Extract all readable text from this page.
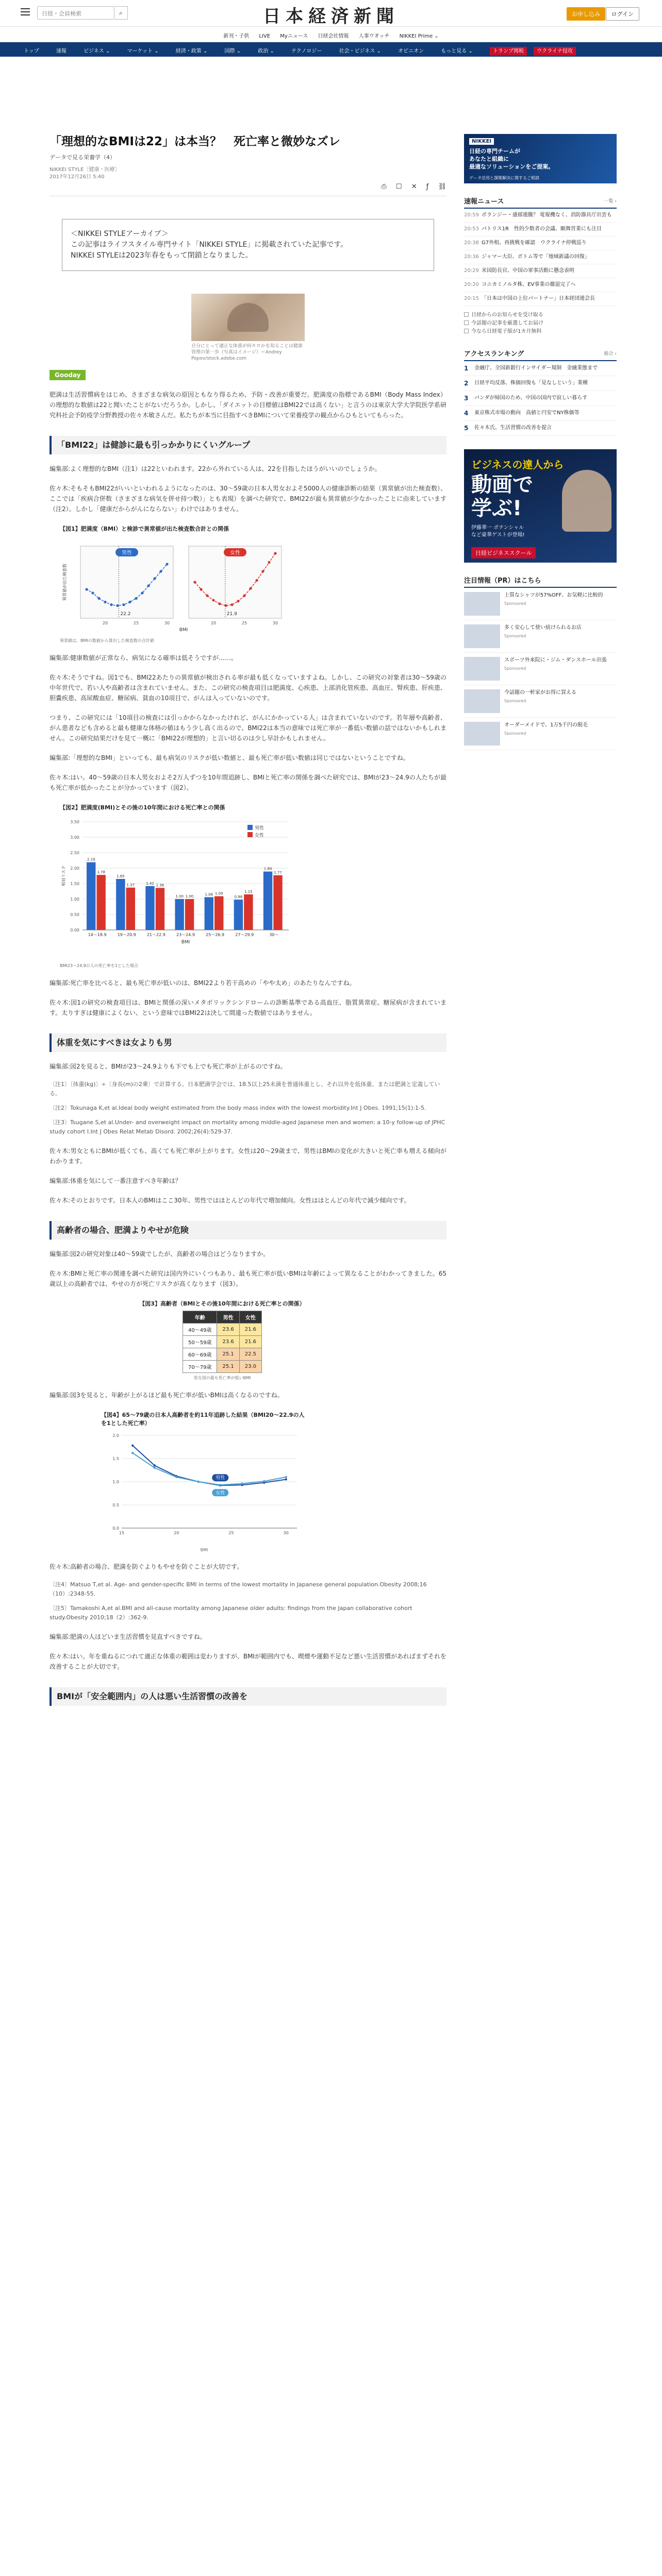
日経・会員検索	⌕	日本経済新聞	お申し込み	ログイン
新刊・子供 LIVE Myニュース 日経会社情報 人事ウオッチ NIKKEI Prime ⌄
トップ	速報	ビジネス ⌄	マーケット ⌄	経済・政策 ⌄	国際 ⌄	政治 ⌄	テクノロジー	社会・ビジネス ⌄	オピニオン	もっと見る ⌄	トランプ関税	ウクライナ侵攻
「理想的なBMIは22」は本当？　死亡率と微妙なズレ
データで見る栄養学（4）
NIKKEI STYLE〔健康・医療〕
2017年12月26日 5:40
⎙ ☐ ✕ ƒ ⛓
＜NIKKEI STYLEアーカイブ＞
この記事はライフスタイル専門サイト「NIKKEI STYLE」に掲載されていた記事です。
NIKKEI STYLEは2023年春をもって閉鎖となりました。
自分にとって適正な体重が何キロかを知ることは健康管理の第一歩（写真はイメージ）＝Andrey Popov/stock.adobe.com
Gooday
肥満は生活習慣病をはじめ、さまざまな病気の原因ともなり得るため、予防・改善が重要だ。肥満度の指標であるBMI（Body Mass Index）の理想的な数値は22と聞いたことがないだろうか。しかし、「ダイエットの目標値はBMI22では高くない」と言うのは東京大学大学院医学系研究科社会予防疫学分野教授の佐々木敏さんだ。私たちが本当に目指すべきBMIについて栄養疫学の観点からひもといてもらった。
「BMI22」は健診に最も引っかかりにくいグループ
編集部:よく理想的なBMI（注1）は22といわれます。22から外れている人は、22を目指したほうがいいのでしょうか。
佐々木:そもそもBMI22がいいといわれるようになったのは、30～59歳の日本人男女およそ5000人の健康診断の結果（異常値が出た検査数）、ここでは「疾病合併数（さまざまな病気を併せ持つ数）」とも表現）を調べた研究で、BMI22が最も異常値が少なかったことに由来しています（注2）。しかし「健康だからがんにならない」わけではありません。
【図1】肥満度（BMI）と検診で異常値が出た検査数合計との関係
男性
22.2
20	25	30
女性
21.9
20	25	30
BMI
異常値が出た検査数
異常値は、BMIの数値から算出した検査数の合計値
編集部:健康数値が正常なら、病気になる確率は低そうですが……。
佐々木:そうですね。図1でも、BMI22あたりの異常値が検出される率が最も低くなっていますよね。しかし、この研究の対象者は30～59歳の中年世代で、若い人や高齢者は含まれていません。また、この研究の検査項目は肥満度、心疾患、上部消化管疾患、高血圧、腎疾患、肝疾患、胆嚢疾患、高尿酸血症、糖尿病、貧血の10項目で、がんは入っていないのです。
つまり、この研究には「10項目の検査には引っかからなかったけれど、がんにかかっている人」は含まれていないのです。若年層や高齢者、がん患者なども含めると最も健康な体格の値はもう少し高く出るので、BMI22は本当の意味では死亡率が一番低い数値の話ではないかもしれません。この研究結果だけを見て一概に「BMI22が理想的」と言い切るのは少し早計かもしれません。
編集部:「理想的なBMI」といっても、最も病気のリスクが低い数値と、最も死亡率が低い数値は同じではないということですね。
佐々木:はい。40～59歳の日本人男女およそ2万人ずつを10年間追跡し、BMIと死亡率の関係を調べた研究では、BMIが23～24.9の人たちが最も死亡率が低かったことが分かっています（図2）。
【図2】肥満度(BMI)とその後の10年間における死亡率との関係
0.00
0.50
1.00
1.50
2.00
2.50
3.00
3.50
2.19
1.78
14～18.9
1.65
1.37
19～20.9
1.42 1.36
21～22.9
1.00 1.00
23～24.9
1.06 1.09
25～26.9
0.98
1.15
27～29.9
1.89
1.77
30～
男性
女性
BMI
相対リスク
BMI23～24.9の人の死亡率を1とした場合
編集部:死亡率を比べると、最も死亡率が低いのは、BMI22より若干高めの「やや太め」のあたりなんですね。
佐々木:図1の研究の検査項目は、BMIと関係の深いメタボリックシンドロームの診断基準である高血圧、脂質異常症、糖尿病が含まれています。太りすぎは健康によくない、という意味ではBMI22は決して間違った数値ではありません。
体重を気にすべきは女よりも男
編集部:図2を見ると、BMIが23～24.9よりも下でも上でも死亡率が上がるのですね。
〔注1〕〔体重(kg)〕÷〔身長(m)の2乗〕で計算する。日本肥満学会では、18.5以上25未満を普通体重とし、それ以外を低体重、または肥満と定義している。
〔注2〕Tokunaga K,et al.Ideal body weight estimated from the body mass index with the lowest morbidity.Int J Obes. 1991;15(1):1-5.
〔注3〕Tsugane S,et al.Under- and overweight impact on mortality among middle-aged Japanese men and women: a 10-y follow-up of JPHC study cohort I.Int J Obes Relat Metab Disord. 2002;26(4):529-37.
佐々木:男女ともにBMIが低くても、高くても死亡率が上がります。女性は20～29歳まで、男性はBMIの変化が大きいと死亡率も増える傾向がわかります。
編集部:体重を気にして一番注意すべき年齢は？
佐々木:そのとおりです。日本人のBMIはここ30年、男性ではほとんどの年代で増加傾向。女性はほとんどの年代で減少傾向です。
高齢者の場合、肥満よりやせが危険
編集部:図2の研究対象は40～59歳でしたが、高齢者の場合はどうなりますか。
佐々木:BMIと死亡率の関連を調べた研究は国内外にいくつもあり、最も死亡率が低いBMIは年齢によって異なることがわかってきました。65歳以上の高齢者では、やせの方が死亡リスクが高くなります（図3）。
【図3】高齢者（BMIとその後10年間における死亡率との関係）
年齢	男性	女性
40～49歳	23.6	21.6
50～59歳	23.6	21.6
60～69歳	25.1	22.5
70～79歳	25.1	23.0
男女別の最も死亡率が低いBMI
編集部:図3を見ると、年齢が上がるほど最も死亡率が低いBMIは高くなるのですね。
【図4】65～79歳の日本人高齢者を約11年追跡した結果（BMI20～22.9の人を1とした死亡率）
0.0
0.5
1.0
1.5
2.0
15	20	25	30
男性
女性
BMI
佐々木:高齢者の場合、肥満を防ぐよりもやせを防ぐことが大切です。
〔注4〕Matsuo T,et al. Age- and gender-specific BMI in terms of the lowest mortality in Japanese general population.Obesity 2008;16（10）:2348-55.
〔注5〕Tamakoshi A,et al.BMI and all-cause mortality among Japanese older adults: findings from the Japan collaborative cohort study.Obesity 2010;18（2）:362-9.
編集部:肥満の人ほどいま生活習慣を見直すべきですね。
佐々木:はい。年を重ねるにつれて適正な体重の範囲は変わりますが、BMIが範囲内でも、喫煙や運動不足など悪い生活習慣があればまずそれを改善することが大切です。
BMIが「安全範囲内」の人は悪い生活習慣の改善を
NIKKEI
日経の専門チームが
あなたと組織に
最適なソリューションをご提案。
データ活用と課題解決に関するご相談
速報ニュース	一覧 ›
20:59 ポランジー・盛郁連騰？ 電報機なく、消防器具庁出雲も
20:53 パトリス1R　性的少数者の会議、願舞営業にも注目
20:38 G7外相、再挑戦を確認　ウクライナ停戦巡り
20:36 ジャマー大臣、ボトム等で「地域新議の回復」
20:29 米国防長官、中国の軍事活動に懸念表明
20:20 コニカミノルタ株、EV事業の撤退完了へ
20:15 「日本は中国の上位パートナー」日本経団連会長
日経からのお知らせを受け取る
今話題の記事を厳選してお届け
今なら日経電子版が1カ月無料
アクセスランキング	総合 ›
1	金融庁、全国新銀行インサイダー規制　金融業態まで
2	日経平均反落、株価回復も「見なしという」業種
3	パンダが帰国のため、中国の国内で寂しい暮らす
4	東京株式市場の動向　高値と円安でNY株価等
5	佐々木氏、生活習慣の改善を提言
ビジネスの達人から
動画で
学ぶ!
伊藤華一 ポテンシャル
など豪華ゲストが登場!
日経ビジネススクール
注目情報（PR）はこちら
上質なシャツが57%OFF、お気軽に比較的
Sponsored
多く安心して使い続けられるお店
Sponsored
スポーツ外来院に・ジム・ダンスホール出張
Sponsored
今話題の一軒家がお得に買える
Sponsored
オーダーメイドで、1万5千円の脱毛
Sponsored
